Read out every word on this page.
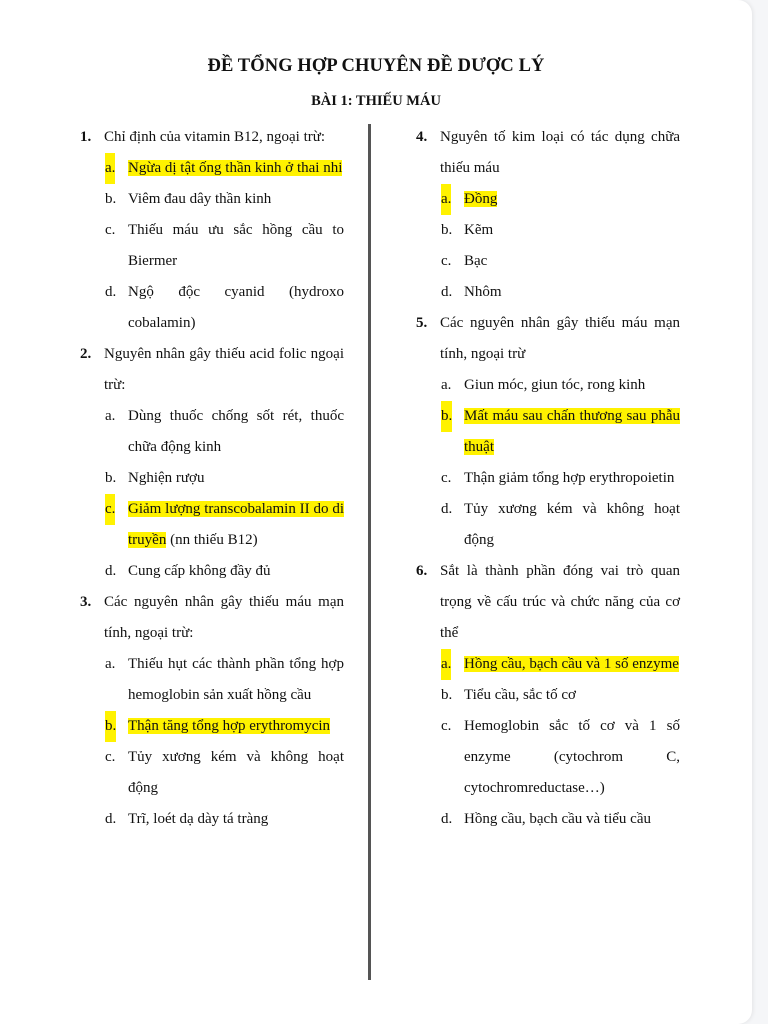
ĐỀ TỔNG HỢP CHUYÊN ĐỀ DƯỢC LÝ
BÀI 1: THIẾU MÁU
1. Chỉ định của vitamin B12, ngoại trừ:
a. Ngừa dị tật ống thần kinh ở thai nhi
b. Viêm đau dây thần kinh
c. Thiếu máu ưu sắc hồng cầu to Biermer
d. Ngộ độc cyanid (hydroxo cobalamin)
2. Nguyên nhân gây thiếu acid folic ngoại trừ:
a. Dùng thuốc chống sốt rét, thuốc chữa động kinh
b. Nghiện rượu
c. Giảm lượng transcobalamin II do di truyền (nn thiếu B12)
d. Cung cấp không đầy đủ
3. Các nguyên nhân gây thiếu máu mạn tính, ngoại trừ:
a. Thiếu hụt các thành phần tổng hợp hemoglobin sản xuất hồng cầu
b. Thận tăng tổng hợp erythromycin
c. Tủy xương kém và không hoạt động
d. Trĩ, loét dạ dày tá tràng
4. Nguyên tố kim loại có tác dụng chữa thiếu máu
a. Đồng
b. Kẽm
c. Bạc
d. Nhôm
5. Các nguyên nhân gây thiếu máu mạn tính, ngoại trừ
a. Giun móc, giun tóc, rong kinh
b. Mất máu sau chấn thương sau phẫu thuật
c. Thận giảm tổng hợp erythropoietin
d. Tủy xương kém và không hoạt động
6. Sắt là thành phần đóng vai trò quan trọng về cấu trúc và chức năng của cơ thể
a. Hồng cầu, bạch cầu và 1 số enzyme
b. Tiểu cầu, sắc tố cơ
c. Hemoglobin sắc tố cơ và 1 số enzyme (cytochrom C, cytochromreductase…)
d. Hồng cầu, bạch cầu và tiểu cầu
